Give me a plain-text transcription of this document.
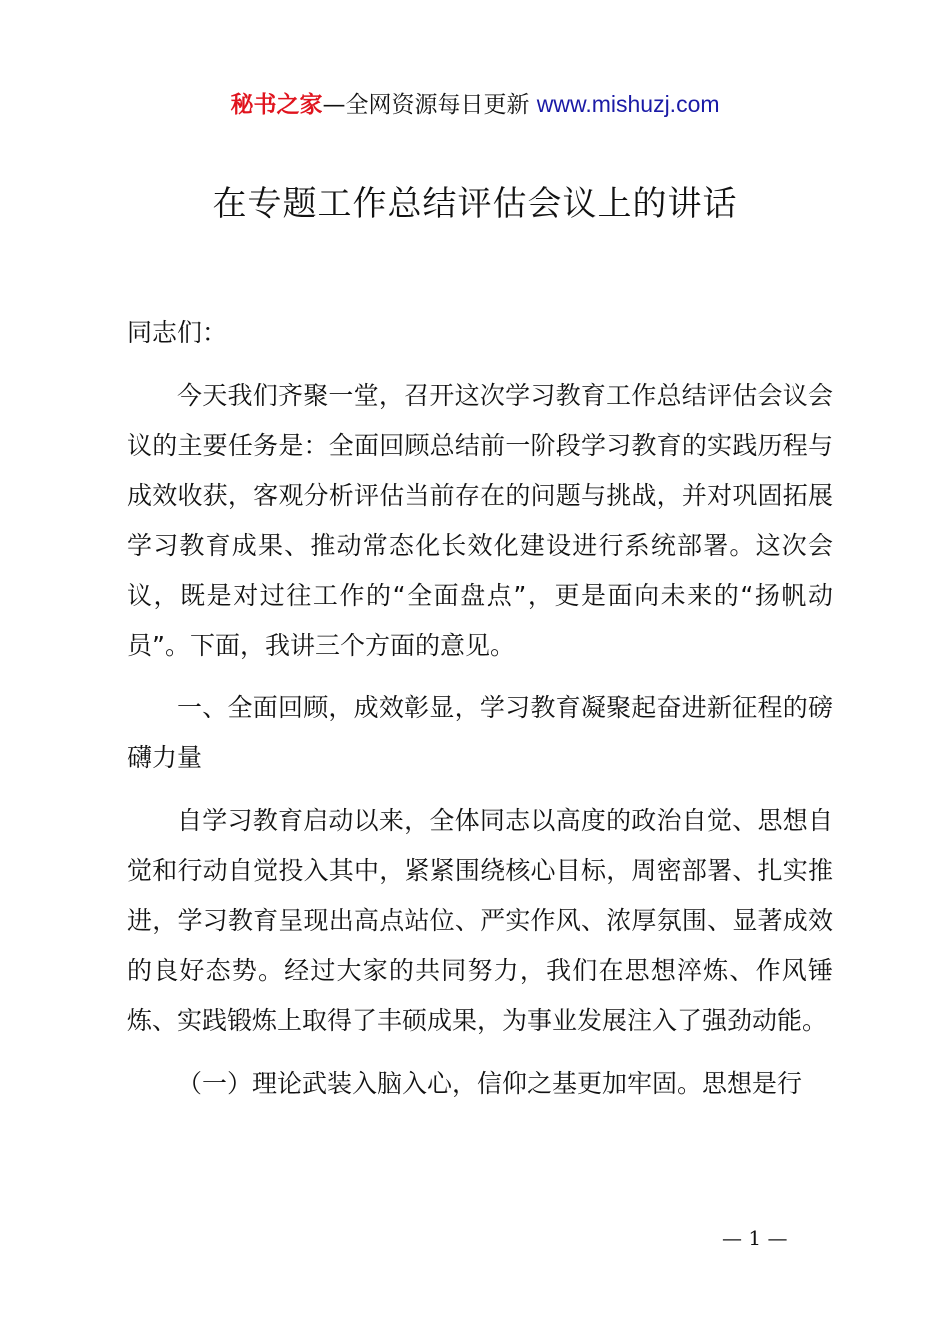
秘书之家—全网资源每日更新 www.mishuzj.com
在专题工作总结评估会议上的讲话

同志们：

今天我们齐聚一堂，召开这次学习教育工作总结评估会议会议的主要任务是：全面回顾总结前一阶段学习教育的实践历程与成效收获，客观分析评估当前存在的问题与挑战，并对巩固拓展学习教育成果、推动常态化长效化建设进行系统部署。这次会议，既是对过往工作的“全面盘点”，更是面向未来的“扬帆动员”。下面，我讲三个方面的意见。

一、全面回顾，成效彰显，学习教育凝聚起奋进新征程的磅礴力量

自学习教育启动以来，全体同志以高度的政治自觉、思想自觉和行动自觉投入其中，紧紧围绕核心目标，周密部署、扎实推进，学习教育呈现出高点站位、严实作风、浓厚氛围、显著成效的良好态势。经过大家的共同努力，我们在思想淬炼、作风锤炼、实践锻炼上取得了丰硕成果，为事业发展注入了强劲动能。

（一）理论武装入脑入心，信仰之基更加牢固。思想是行

— 1 —
